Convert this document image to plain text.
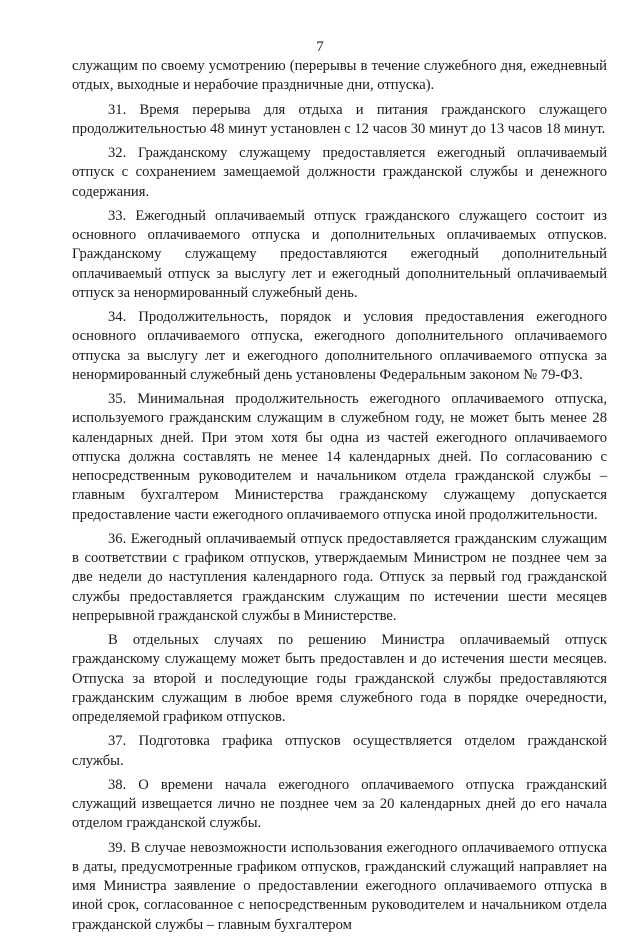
7

служащим по своему усмотрению (перерывы в течение служебного дня, ежедневный отдых, выходные и нерабочие праздничные дни, отпуска).

31. Время перерыва для отдыха и питания гражданского служащего продолжительностью 48 минут установлен с 12 часов 30 минут до 13 часов 18 минут.

32. Гражданскому служащему предоставляется ежегодный оплачиваемый отпуск с сохранением замещаемой должности гражданской службы и денежного содержания.

33. Ежегодный оплачиваемый отпуск гражданского служащего состоит из основного оплачиваемого отпуска и дополнительных оплачиваемых отпусков. Гражданскому служащему предоставляются ежегодный дополнительный оплачиваемый отпуск за выслугу лет и ежегодный дополнительный оплачиваемый отпуск за ненормированный служебный день.

34. Продолжительность, порядок и условия предоставления ежегодного основного оплачиваемого отпуска, ежегодного дополнительного оплачиваемого отпуска за выслугу лет и ежегодного дополнительного оплачиваемого отпуска за ненормированный служебный день установлены Федеральным законом № 79-ФЗ.

35. Минимальная продолжительность ежегодного оплачиваемого отпуска, используемого гражданским служащим в служебном году, не может быть менее 28 календарных дней. При этом хотя бы одна из частей ежегодного оплачиваемого отпуска должна составлять не менее 14 календарных дней. По согласованию с непосредственным руководителем и начальником отдела гражданской службы – главным бухгалтером Министерства гражданскому служащему допускается предоставление части ежегодного оплачиваемого отпуска иной продолжительности.

36. Ежегодный оплачиваемый отпуск предоставляется гражданским служащим в соответствии с графиком отпусков, утверждаемым Министром не позднее чем за две недели до наступления календарного года. Отпуск за первый год гражданской службы предоставляется гражданским служащим по истечении шести месяцев непрерывной гражданской службы в Министерстве.

В отдельных случаях по решению Министра оплачиваемый отпуск гражданскому служащему может быть предоставлен и до истечения шести месяцев. Отпуска за второй и последующие годы гражданской службы предоставляются гражданским служащим в любое время служебного года в порядке очередности, определяемой графиком отпусков.

37. Подготовка графика отпусков осуществляется отделом гражданской службы.

38. О времени начала ежегодного оплачиваемого отпуска гражданский служащий извещается лично не позднее чем за 20 календарных дней до его начала отделом гражданской службы.

39. В случае невозможности использования ежегодного оплачиваемого отпуска в даты, предусмотренные графиком отпусков, гражданский служащий направляет на имя Министра заявление о предоставлении ежегодного оплачиваемого отпуска в иной срок, согласованное с непосредственным руководителем и начальником отдела гражданской службы – главным бухгалтером
